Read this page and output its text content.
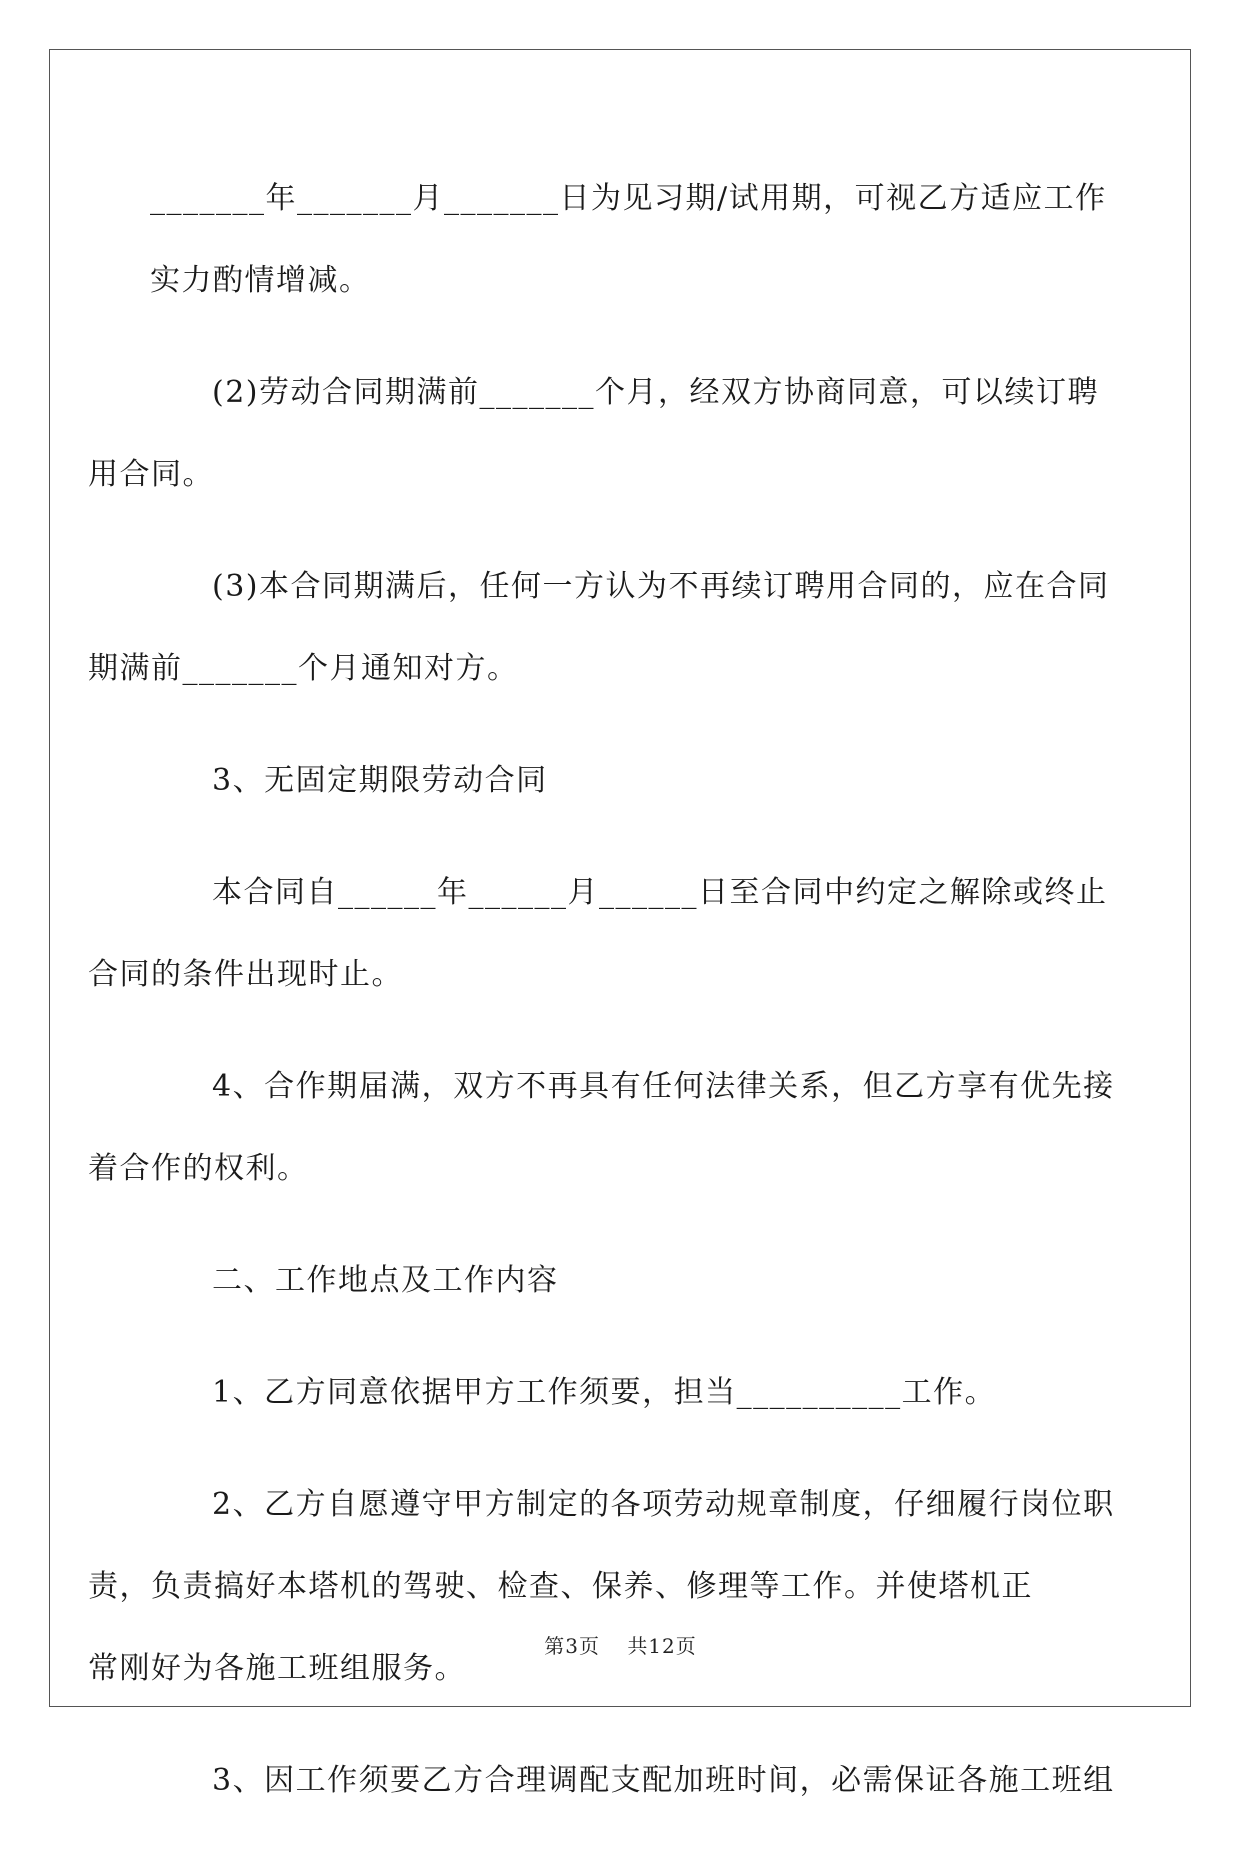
_______年_______月_______日为见习期/试用期，可视乙方适应工作
实力酌情增减。

(2)劳动合同期满前_______个月，经双方协商同意，可以续订聘
用合同。

(3)本合同期满后，任何一方认为不再续订聘用合同的，应在合同
期满前_______个月通知对方。

3、无固定期限劳动合同

本合同自______年______月______日至合同中约定之解除或终止
合同的条件出现时止。

4、合作期届满，双方不再具有任何法律关系，但乙方享有优先接
着合作的权利。

二、工作地点及工作内容

1、乙方同意依据甲方工作须要，担当__________工作。

2、乙方自愿遵守甲方制定的各项劳动规章制度，仔细履行岗位职
责，负责搞好本塔机的驾驶、检查、保养、修理等工作。并使塔机正
常刚好为各施工班组服务。

3、因工作须要乙方合理调配支配加班时间，必需保证各施工班组

第3页 共12页
